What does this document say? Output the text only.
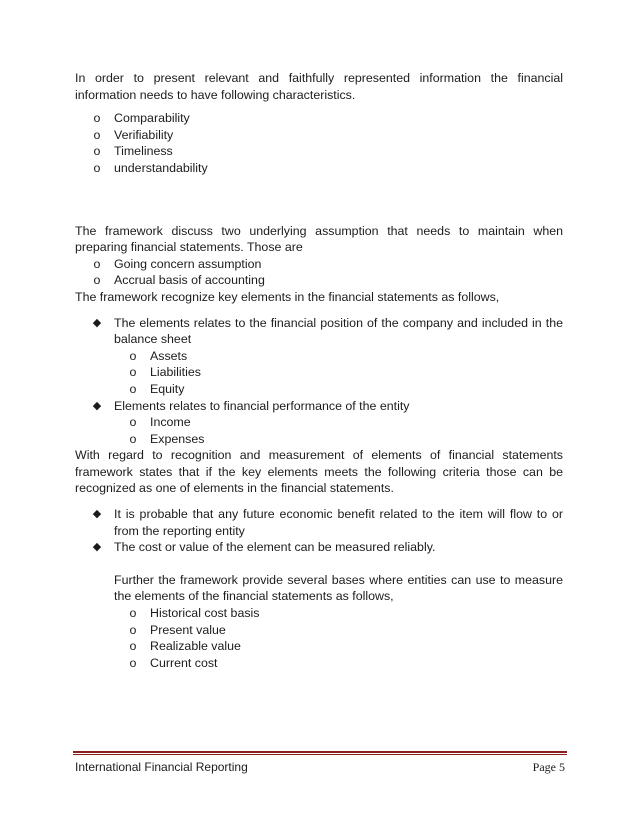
In order to present relevant and faithfully represented information the financial information needs to have following characteristics.

o Comparability
o Verifiability
o Timeliness
o understandability

The framework discuss two underlying assumption that needs to maintain when preparing financial statements. Those are

o Going concern assumption
o Accrual basis of accounting

The framework recognize key elements in the financial statements as follows,

◆ The elements relates to the financial position of the company and included in the balance sheet
o Assets
o Liabilities
o Equity
◆ Elements relates to financial performance of the entity
o Income
o Expenses

With regard to recognition and measurement of elements of financial statements framework states that if the key elements meets the following criteria those can be recognized as one of elements in the financial statements.

◆ It is probable that any future economic benefit related to the item will flow to or from the reporting entity
◆ The cost or value of the element can be measured reliably.

Further the framework provide several bases where entities can use to measure the elements of the financial statements as follows,

o Historical cost basis
o Present value
o Realizable value
o Current cost
International Financial Reporting	Page 5
